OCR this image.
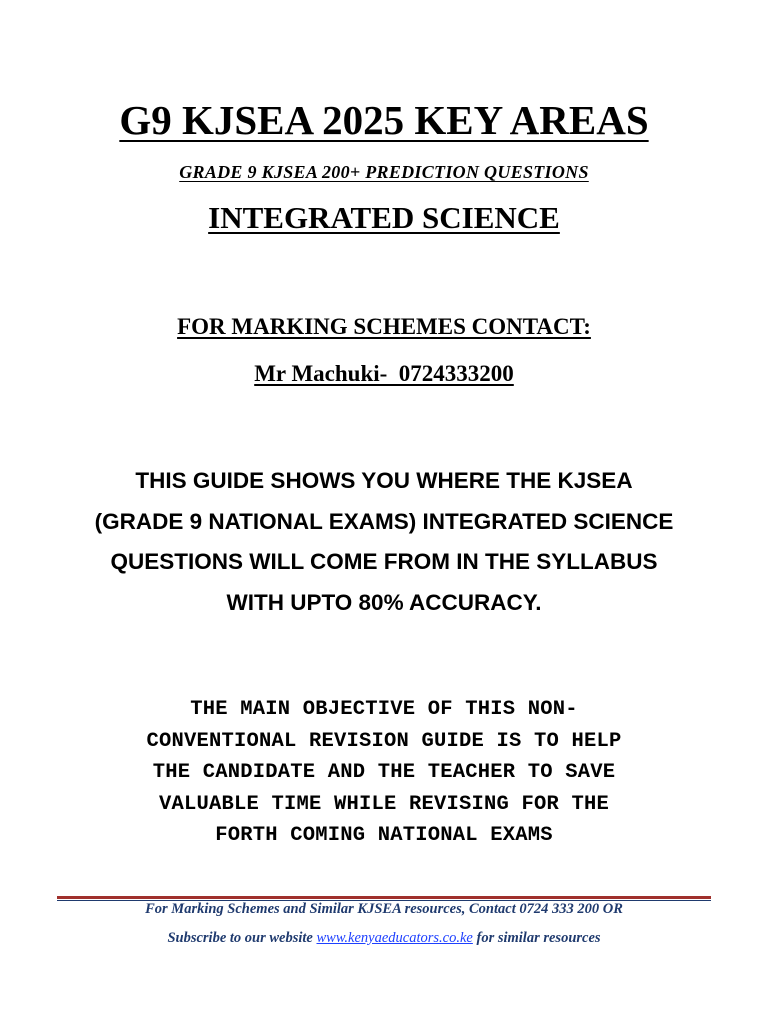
G9 KJSEA 2025 KEY AREAS
GRADE 9 KJSEA 200+ PREDICTION QUESTIONS
INTEGRATED SCIENCE
FOR MARKING SCHEMES CONTACT:
Mr Machuki-  0724333200
THIS GUIDE SHOWS YOU WHERE THE KJSEA
(GRADE 9 NATIONAL EXAMS) INTEGRATED SCIENCE
QUESTIONS WILL COME FROM IN THE SYLLABUS
WITH UPTO 80% ACCURACY.
THE MAIN OBJECTIVE OF THIS NON-
CONVENTIONAL REVISION GUIDE IS TO HELP
THE CANDIDATE AND THE TEACHER TO SAVE
VALUABLE TIME WHILE REVISING FOR THE
FORTH COMING NATIONAL EXAMS
For Marking Schemes and Similar KJSEA resources, Contact 0724 333 200 OR
Subscribe to our website www.kenyaeducators.co.ke for similar resources
